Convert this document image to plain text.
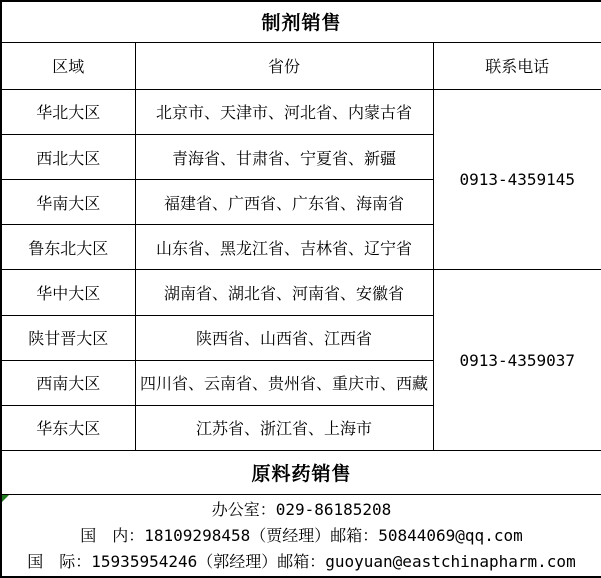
制剂销售		
区域	省份	联系电话
华北大区	北京市、天津市、河北省、内蒙古省	0913-4359145
西北大区	青海省、甘肃省、宁夏省、新疆	
华南大区	福建省、广西省、广东省、海南省	
鲁东北大区	山东省、黑龙江省、吉林省、辽宁省	
华中大区	湖南省、湖北省、河南省、安徽省	0913-4359037
陕甘晋大区	陕西省、山西省、江西省	
西南大区	四川省、云南省、贵州省、重庆市、西藏	
华东大区	江苏省、浙江省、上海市	
原料药销售		

办公室：029-86185208
国　内：18109298458（贾经理）邮箱：50844069@qq.com
国　际：15935954246（郭经理）邮箱：guoyuan@eastchinapharm.com		
